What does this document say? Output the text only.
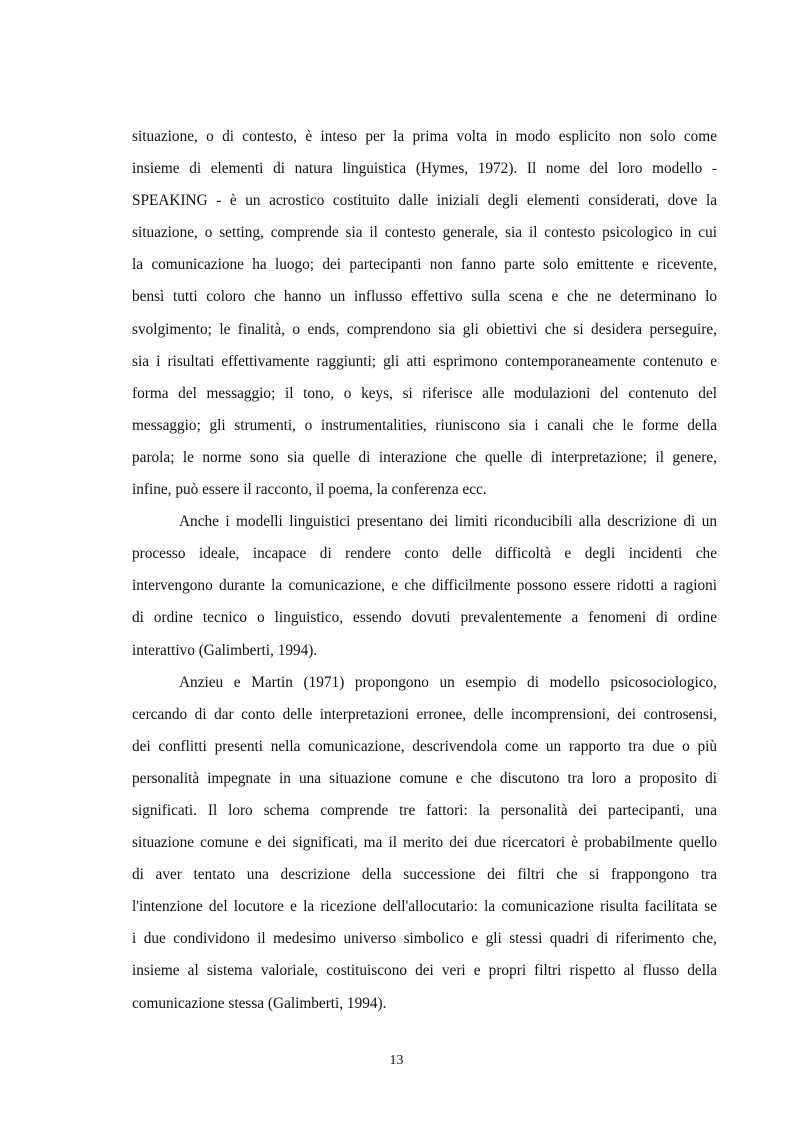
situazione, o di contesto, è inteso per la prima volta in modo esplicito non solo come
insieme di elementi di natura linguistica (Hymes, 1972). Il nome del loro modello -
SPEAKING - è un acrostico costituito dalle iniziali degli elementi considerati, dove la
situazione, o setting, comprende sia il contesto generale, sia il contesto psicologico in cui
la comunicazione ha luogo; dei partecipanti non fanno parte solo emittente e ricevente,
bensì tutti coloro che hanno un influsso effettivo sulla scena e che ne determinano lo
svolgimento; le finalità, o ends, comprendono sia gli obiettivi che si desidera perseguire,
sia i risultati effettivamente raggiunti; gli atti esprimono contemporaneamente contenuto e
forma del messaggio; il tono, o keys, si riferisce alle modulazioni del contenuto del
messaggio; gli strumenti, o instrumentalities, riuniscono sia i canali che le forme della
parola; le norme sono sia quelle di interazione che quelle di interpretazione; il genere,
infine, può essere il racconto, il poema, la conferenza ecc.
Anche i modelli linguistici presentano dei limiti riconducibili alla descrizione di un
processo ideale, incapace di rendere conto delle difficoltà e degli incidenti che
intervengono durante la comunicazione, e che difficilmente possono essere ridotti a ragioni
di ordine tecnico o linguistico, essendo dovuti prevalentemente a fenomeni di ordine
interattivo (Galimberti, 1994).
Anzieu e Martin (1971) propongono un esempio di modello psicosociologico,
cercando di dar conto delle interpretazioni erronee, delle incomprensioni, dei controsensi,
dei conflitti presenti nella comunicazione, descrivendola come un rapporto tra due o più
personalità impegnate in una situazione comune e che discutono tra loro a proposito di
significati. Il loro schema comprende tre fattori: la personalità dei partecipanti, una
situazione comune e dei significati, ma il merito dei due ricercatori è probabilmente quello
di aver tentato una descrizione della successione dei filtri che si frappongono tra
l'intenzione del locutore e la ricezione dell'allocutario: la comunicazione risulta facilitata se
i due condividono il medesimo universo simbolico e gli stessi quadri di riferimento che,
insieme al sistema valoriale, costituiscono dei veri e propri filtri rispetto al flusso della
comunicazione stessa (Galimberti, 1994).
13
